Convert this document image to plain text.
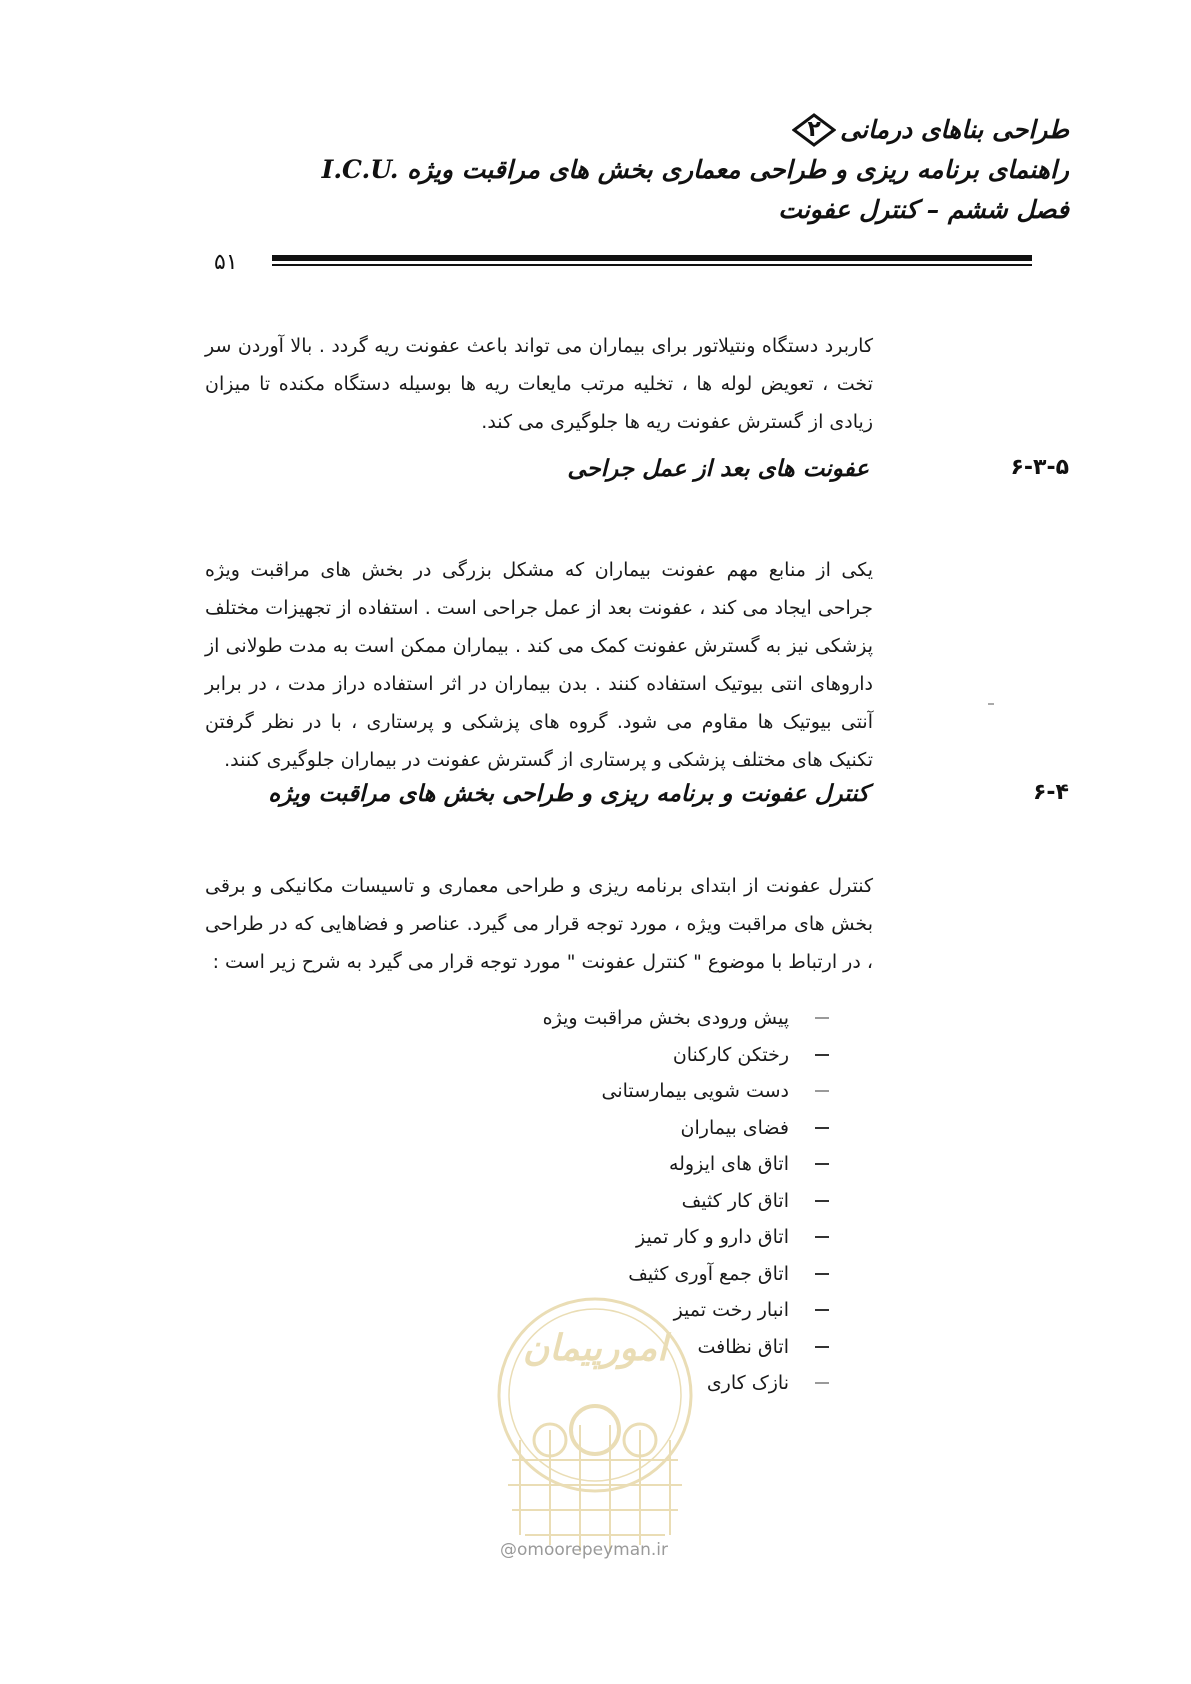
طراحی بناهای درمانی
۲
راهنمای برنامه ریزی و طراحی معماری بخش های مراقبت ویژه I.C.U.
فصل ششم – کنترل عفونت
۵۱

کاربرد دستگاه ونتیلاتور برای بیماران می تواند باعث عفونت ریه گردد . بالا آوردن سر تخت ، تعویض لوله ها ، تخلیه مرتب مایعات ریه ها بوسیله دستگاه مکنده تا میزان زیادی از گسترش عفونت ریه ها جلوگیری می کند.

۶-۳-۵
عفونت های بعد از عمل جراحی

یکی از منابع مهم عفونت بیماران که مشکل بزرگی در بخش های مراقبت ویژه جراحی ایجاد می کند ، عفونت بعد از عمل جراحی است . استفاده از تجهیزات مختلف پزشکی نیز به گسترش عفونت کمک می کند . بیماران ممکن است به مدت طولانی از داروهای انتی بیوتیک استفاده کنند . بدن بیماران در اثر استفاده دراز مدت ، در برابر آنتی بیوتیک ها مقاوم می شود. گروه های پزشکی و پرستاری ، با در نظر گرفتن تکنیک های مختلف پزشکی و پرستاری از گسترش عفونت در بیماران جلوگیری کنند.

۶-۴
کنترل عفونت و برنامه ریزی و طراحی بخش های مراقبت ویژه

کنترل عفونت از ابتدای برنامه ریزی و طراحی معماری و تاسیسات مکانیکی و برقی بخش های مراقبت ویژه ، مورد توجه قرار می گیرد. عناصر و فضاهایی که در طراحی ، در ارتباط با موضوع " کنترل عفونت " مورد توجه قرار می گیرد به شرح زیر است :

پیش ورودی بخش مراقبت ویژه
رختکن کارکنان
دست شویی بیمارستانی
فضای بیماران
اتاق های ایزوله
اتاق کار کثیف
اتاق دارو و کار تمیز
اتاق جمع آوری کثیف
انبار رخت تمیز
اتاق نظافت
نازک کاری
امورپیمان
@omoorepeyman.ir
